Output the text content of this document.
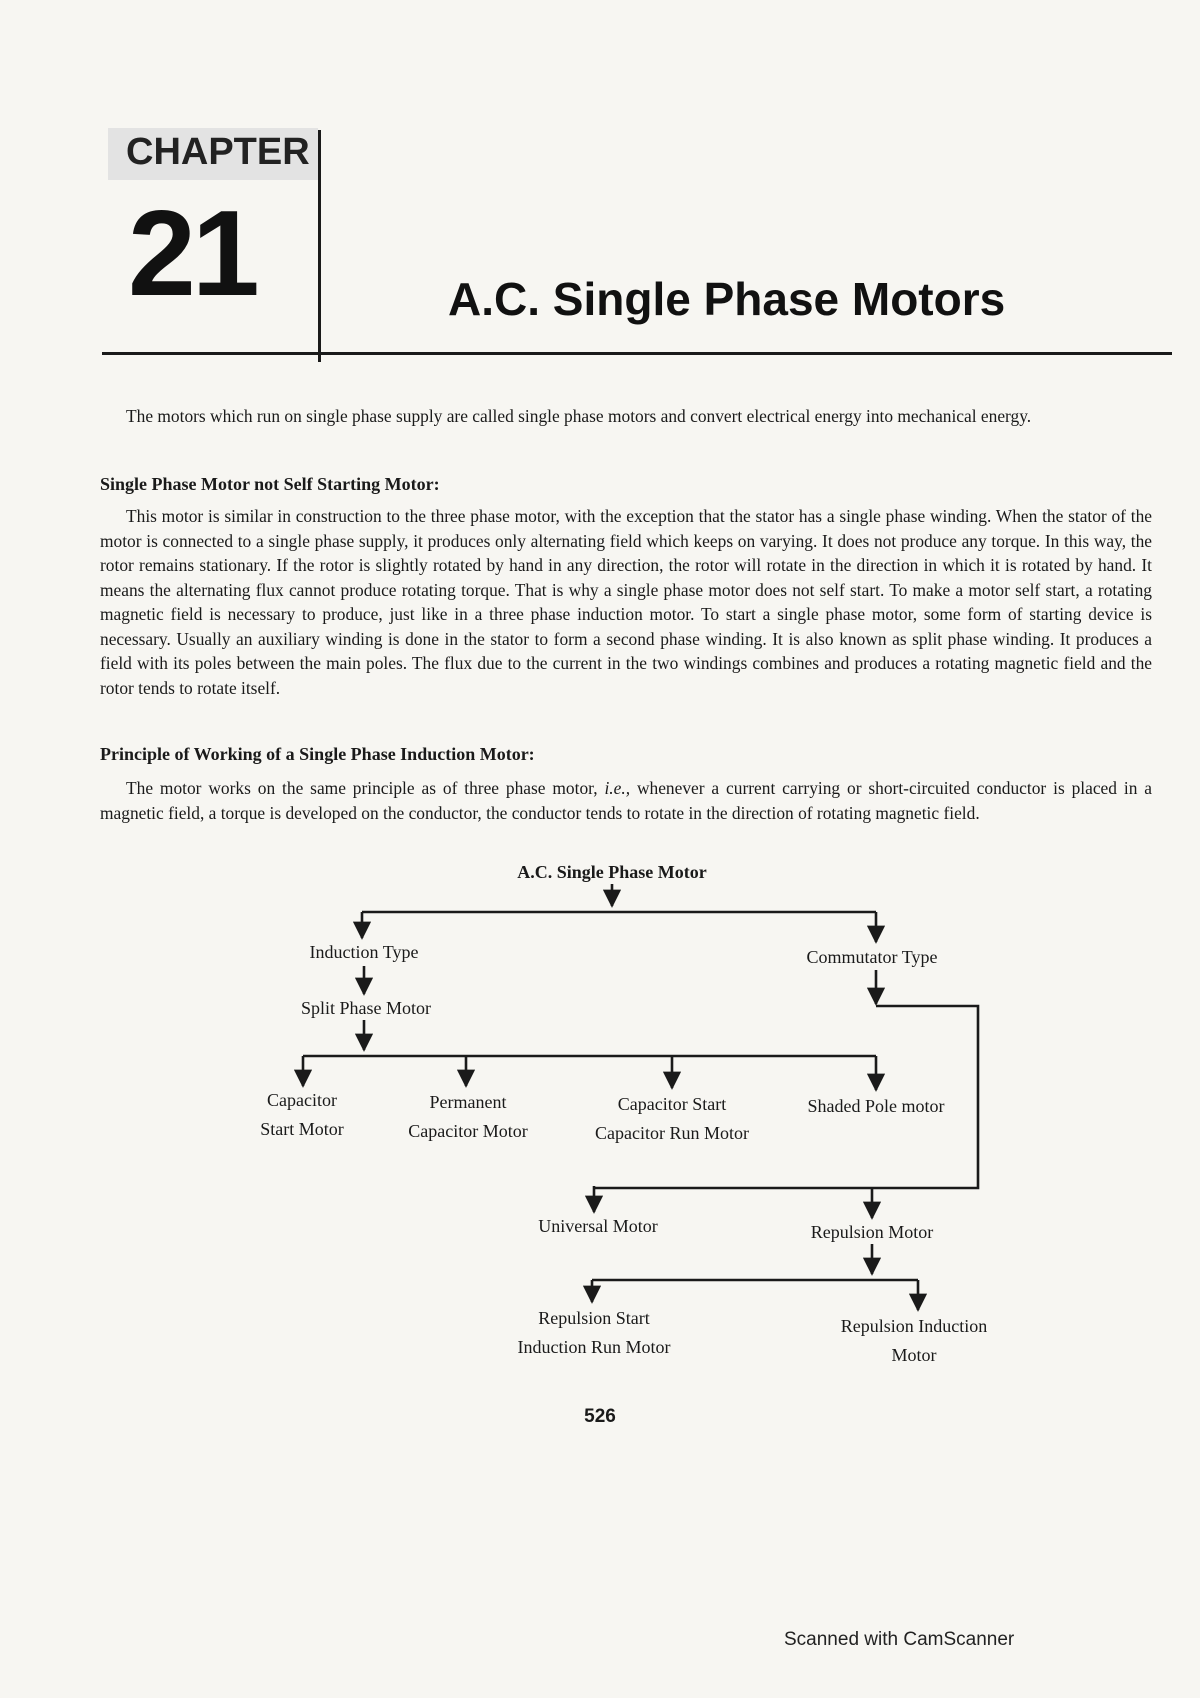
CHAPTER
21	A.C. Single Phase Motors

The motors which run on single phase supply are called single phase motors and convert electrical energy into mechanical energy.

Single Phase Motor not Self Starting Motor:

This motor is similar in construction to the three phase motor, with the exception that the stator has a single phase winding. When the stator of the motor is connected to a single phase supply, it produces only alternating field which keeps on varying. It does not produce any torque. In this way, the rotor remains stationary. If the rotor is slightly rotated by hand in any direction, the rotor will rotate in the direction in which it is rotated by hand. It means the alternating flux cannot produce rotating torque. That is why a single phase motor does not self start. To make a motor self start, a rotating magnetic field is necessary to produce, just like in a three phase induction motor. To start a single phase motor, some form of starting device is necessary. Usually an auxiliary winding is done in the stator to form a second phase winding. It is also known as split phase winding. It produces a field with its poles between the main poles. The flux due to the current in the two windings combines and produces a rotating magnetic field and the rotor tends to rotate itself.

Principle of Working of a Single Phase Induction Motor:

The motor works on the same principle as of three phase motor, i.e., whenever a current carrying or short-circuited conductor is placed in a magnetic field, a torque is developed on the conductor, the conductor tends to rotate in the direction of rotating magnetic field.

A.C. Single Phase Motor
Induction Type	Commutator Type
Split Phase Motor
Capacitor
Start Motor
Permanent
Capacitor Motor
Capacitor Start
Capacitor Run Motor
Shaded Pole motor
Universal Motor	Repulsion Motor
Repulsion Start
Induction Run Motor
Repulsion Induction
Motor
526
Scanned with CamScanner
